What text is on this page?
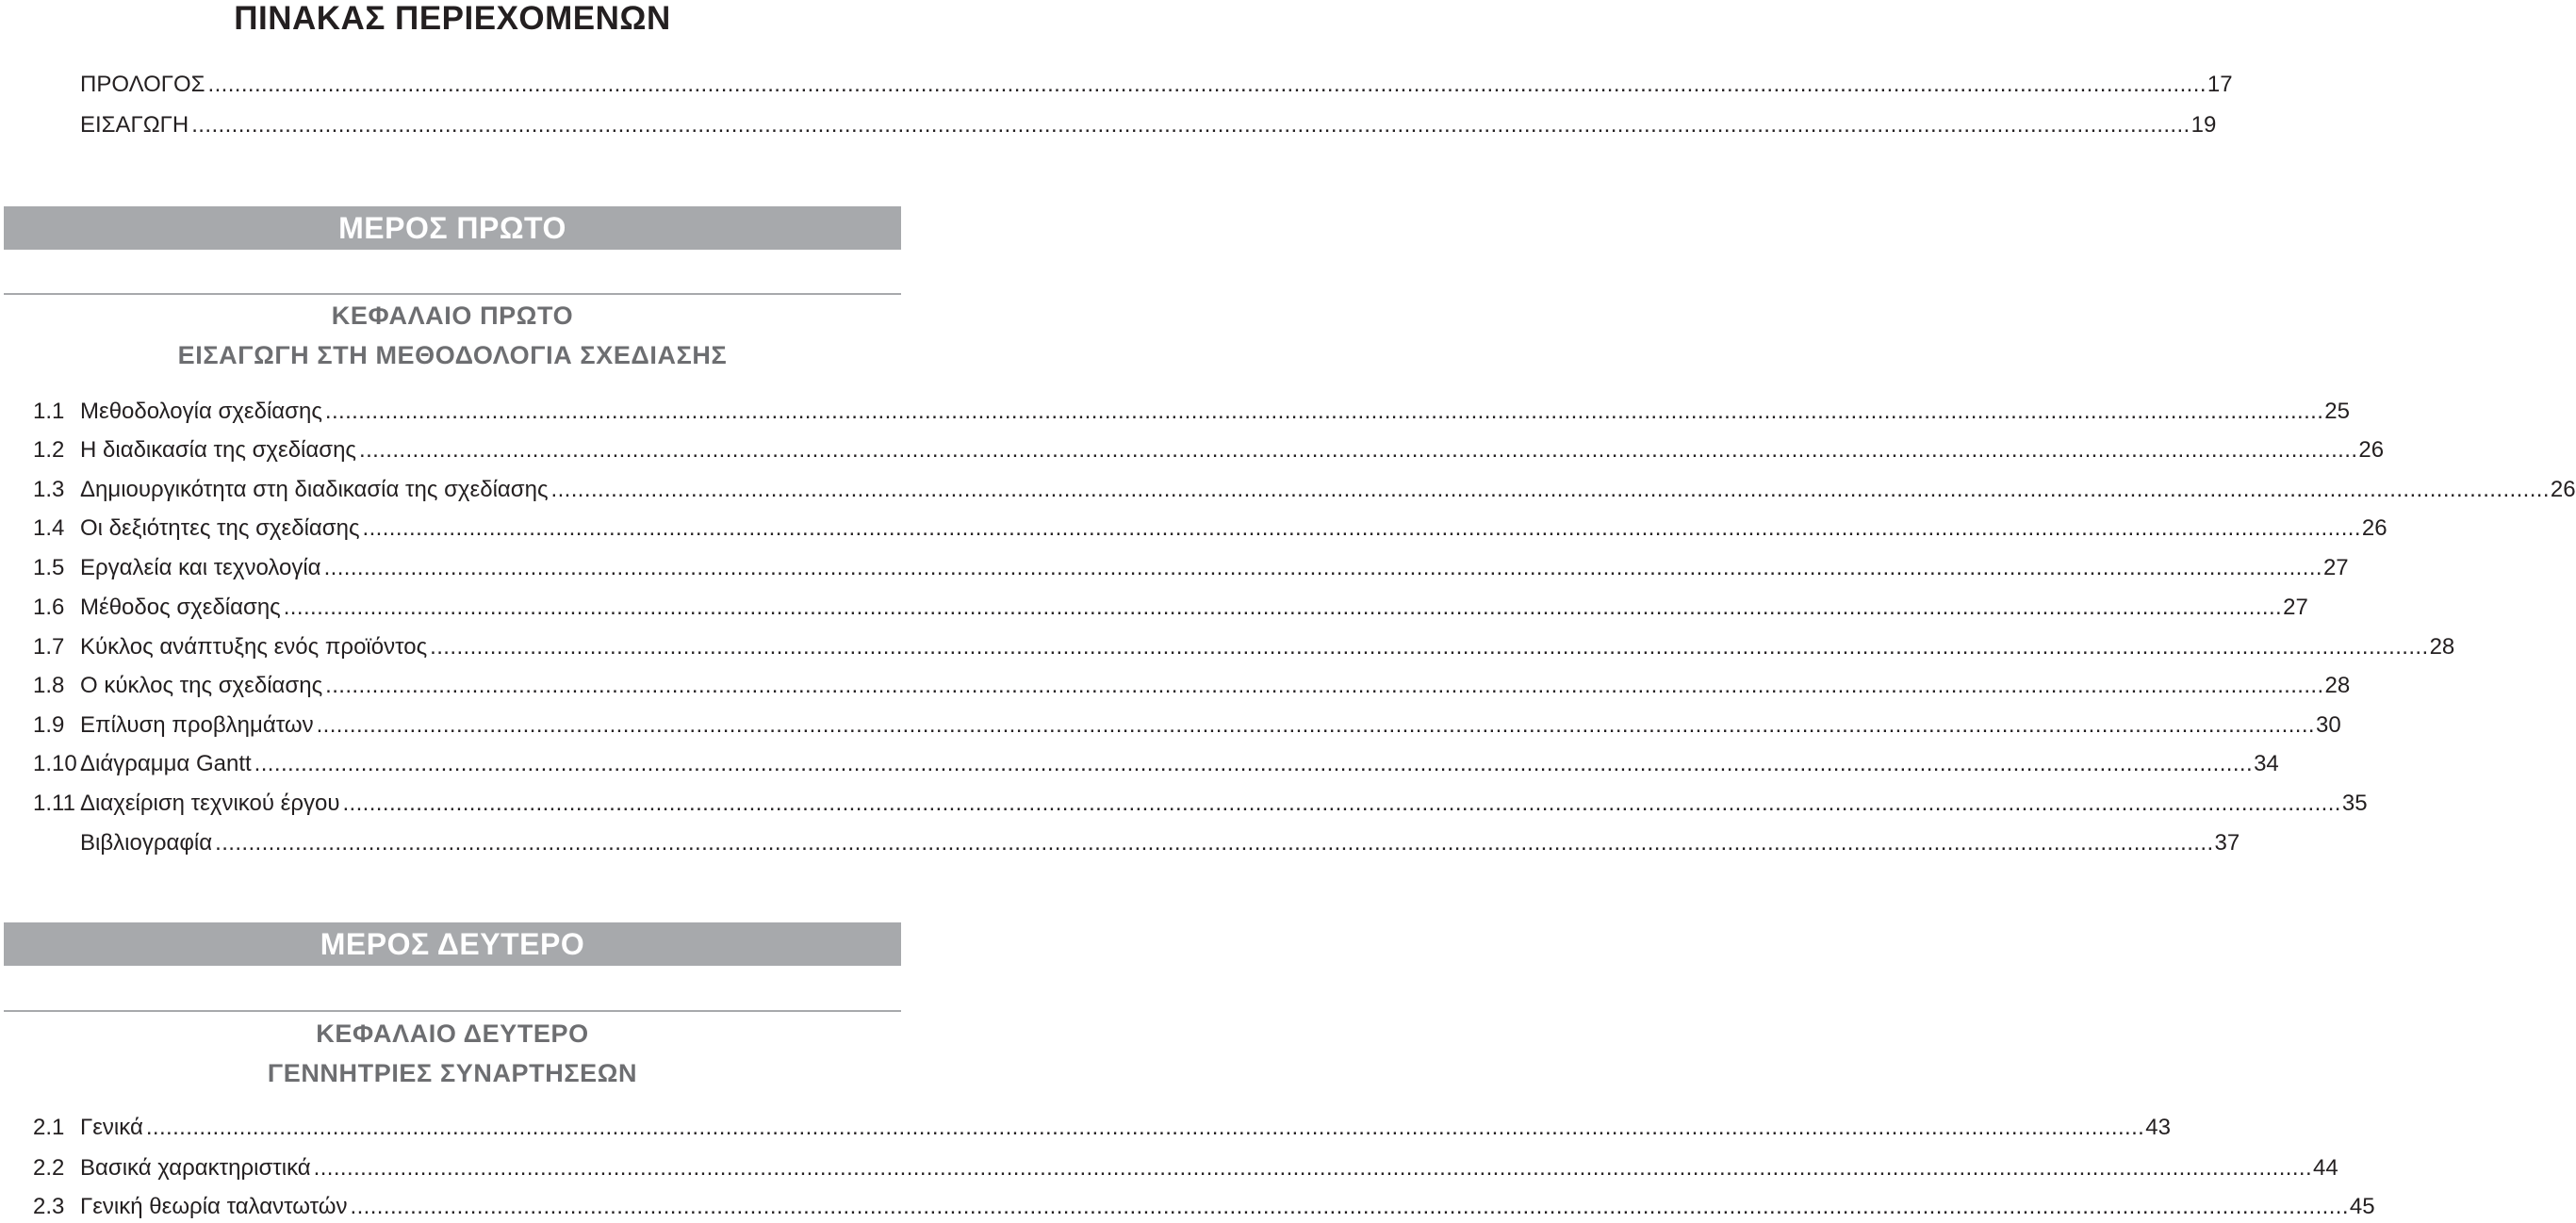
ΠΙΝΑΚΑΣ ΠΕΡΙΕΧΟΜΕΝΩΝ
ΠΡΟΛΟΓΟΣ ............................................................................................................................................................................................................................................................................................................ 17
ΕΙΣΑΓΩΓΗ ............................................................................................................................................................................................................................................................................................................ 19
ΜΕΡΟΣ ΠΡΩΤΟ
ΚΕΦΑΛΑΙΟ ΠΡΩΤΟ
ΕΙΣΑΓΩΓΗ ΣΤΗ ΜΕΘΟΔΟΛΟΓΙΑ ΣΧΕΔΙΑΣΗΣ
1.1 Μεθοδολογία σχεδίασης ............................................................................................................................................................................................................................................................................................................ 25
1.2 Η διαδικασία της σχεδίασης ............................................................................................................................................................................................................................................................................................................ 26
1.3 Δημιουργικότητα στη διαδικασία της σχεδίασης ............................................................................................................................................................................................................................................................................................................ 26
1.4 Οι δεξιότητες της σχεδίασης ............................................................................................................................................................................................................................................................................................................ 26
1.5 Εργαλεία και τεχνολογία ............................................................................................................................................................................................................................................................................................................ 27
1.6 Μέθοδος σχεδίασης ............................................................................................................................................................................................................................................................................................................ 27
1.7 Κύκλος ανάπτυξης ενός προϊόντος ............................................................................................................................................................................................................................................................................................................ 28
1.8 Ο κύκλος της σχεδίασης ............................................................................................................................................................................................................................................................................................................ 28
1.9 Επίλυση προβλημάτων ............................................................................................................................................................................................................................................................................................................ 30
1.10 Διάγραμμα Gantt ............................................................................................................................................................................................................................................................................................................ 34
1.11 Διαχείριση τεχνικού έργου ............................................................................................................................................................................................................................................................................................................ 35
Βιβλιογραφία ............................................................................................................................................................................................................................................................................................................ 37
ΜΕΡΟΣ ΔΕΥΤΕΡΟ
ΚΕΦΑΛΑΙΟ ΔΕΥΤΕΡΟ
ΓΕΝΝΗΤΡΙΕΣ ΣΥΝΑΡΤΗΣΕΩΝ
2.1 Γενικά ............................................................................................................................................................................................................................................................................................................ 43
2.2 Βασικά χαρακτηριστικά ............................................................................................................................................................................................................................................................................................................ 44
2.3 Γενική θεωρία ταλαντωτών ............................................................................................................................................................................................................................................................................................................ 45
